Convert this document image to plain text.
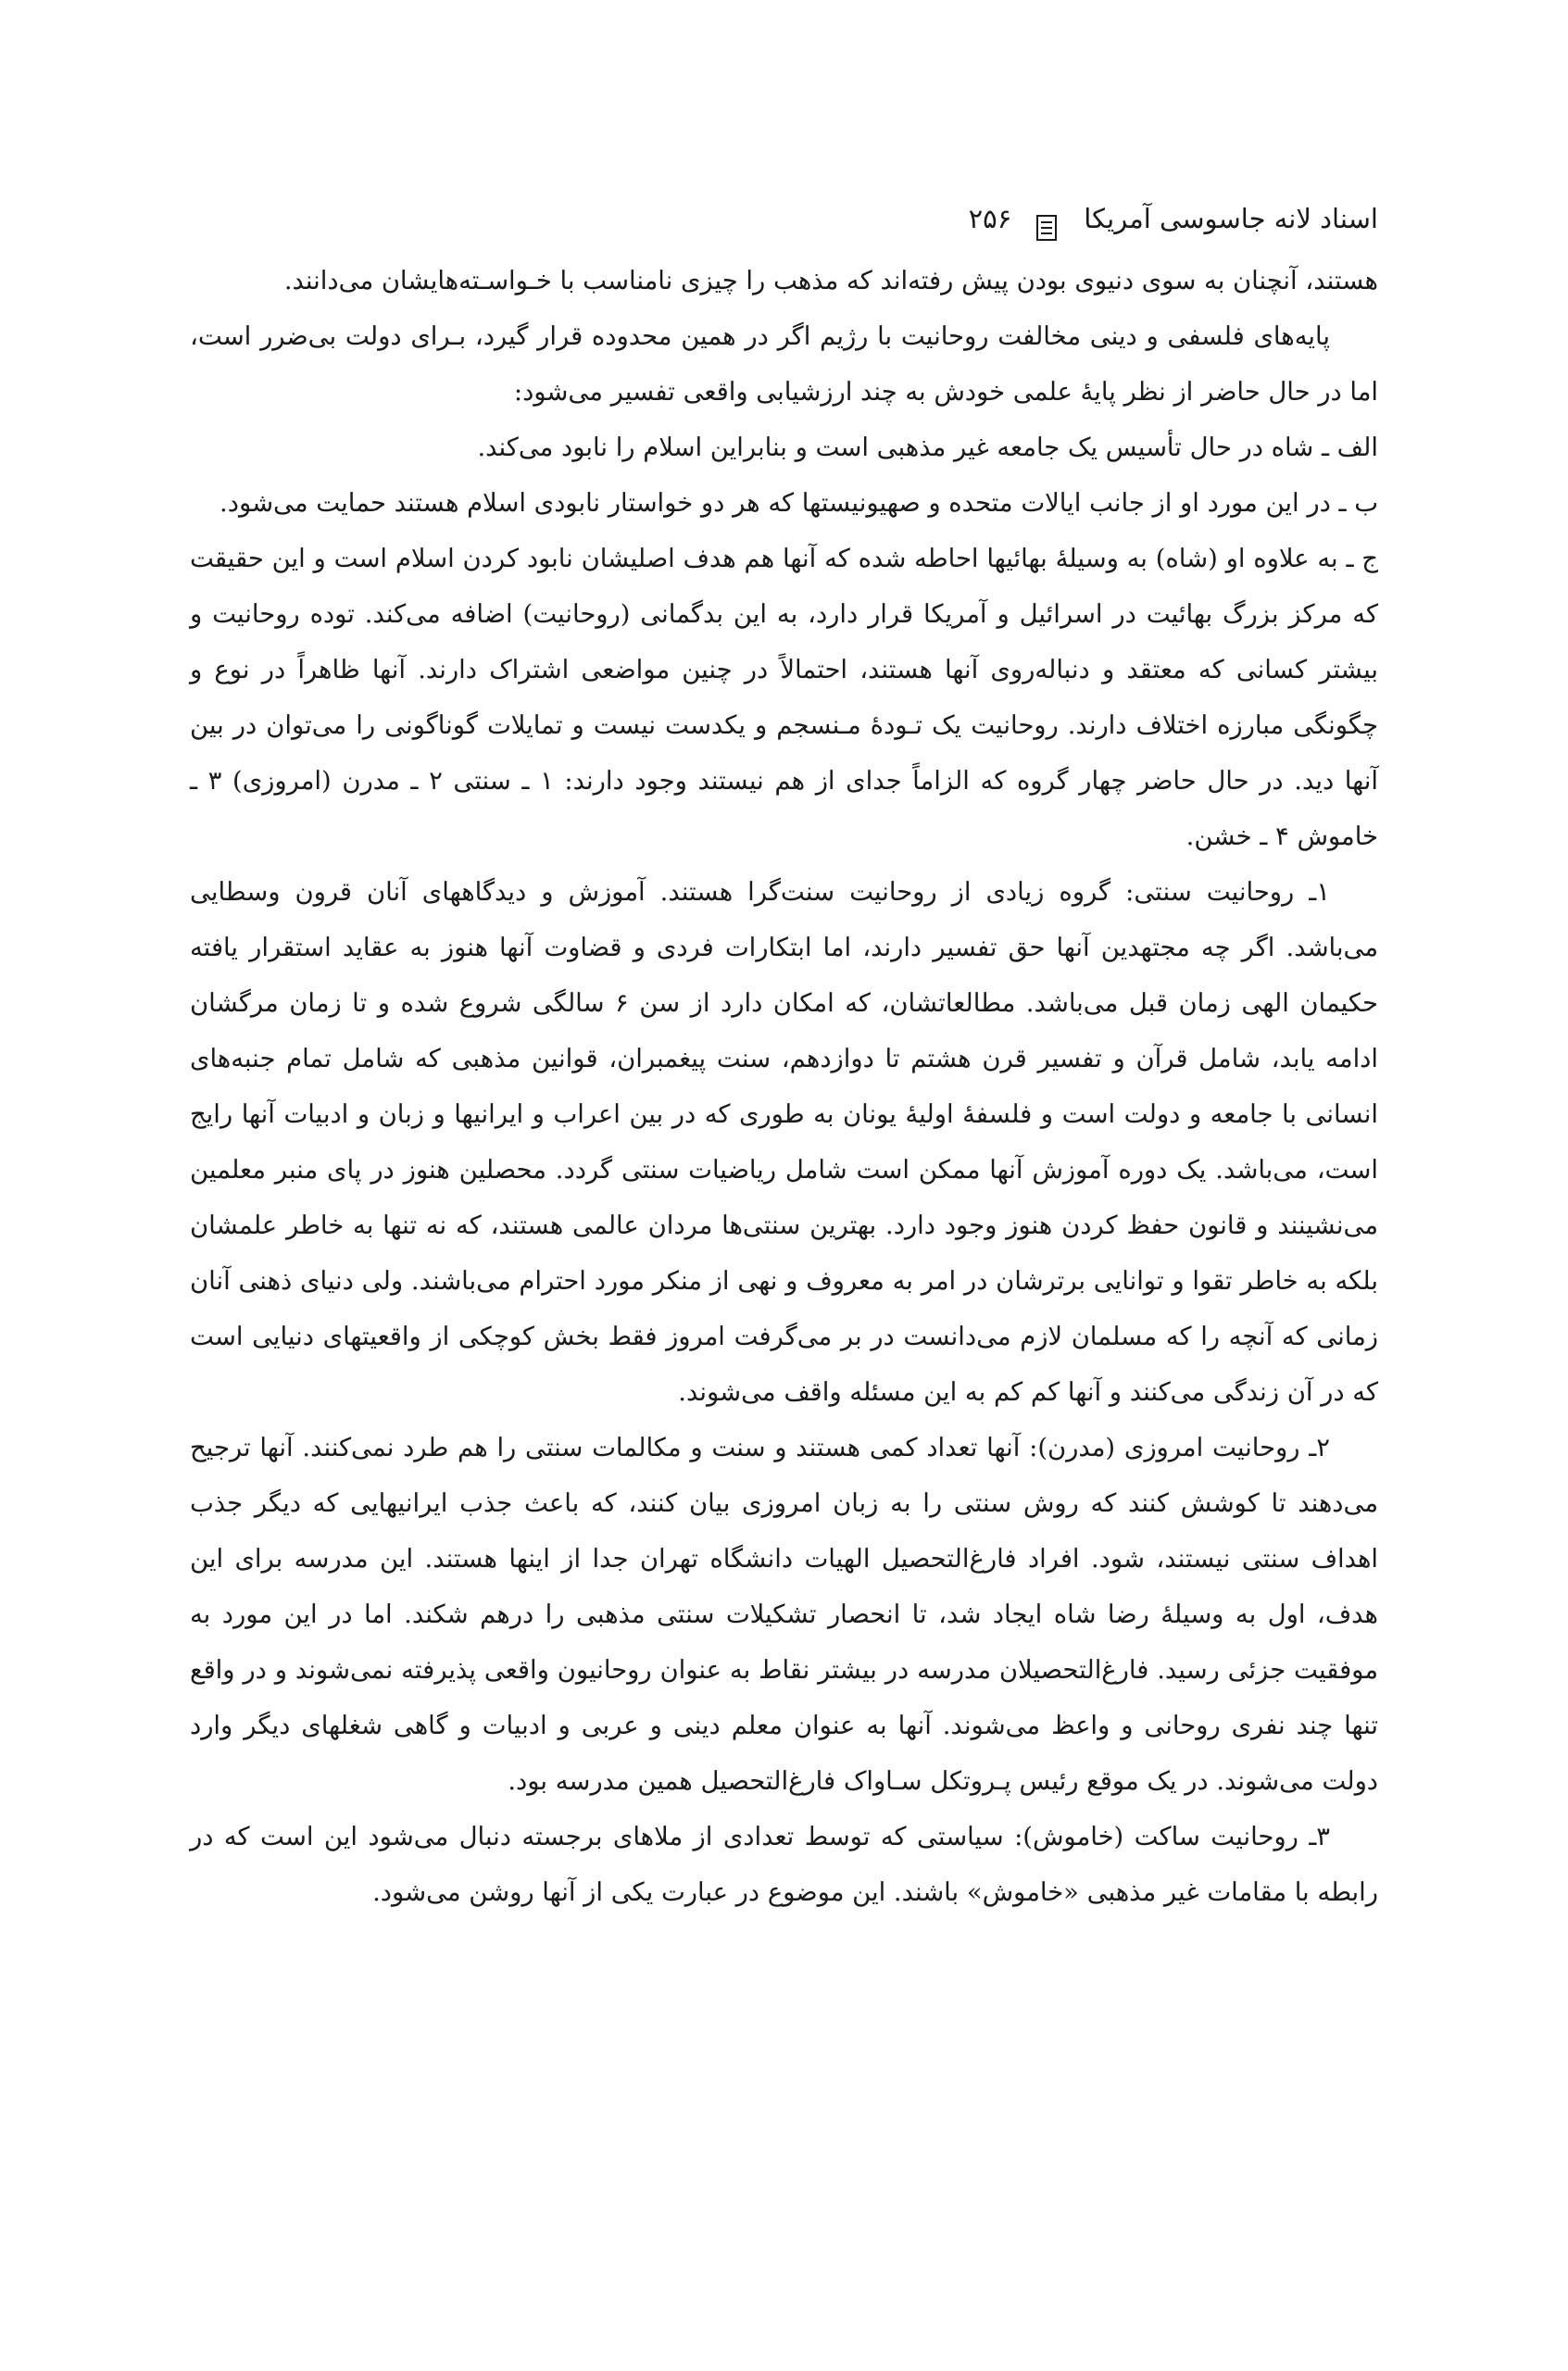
اسناد لانه جاسوسی آمریکا
۲۵۶

هستند، آنچنان به سوی دنیوی بودن پیش رفته‌اند که مذهب را چیزی نامناسب با خـواسـته‌هایشان می‌دانند.

پایه‌های فلسفی و دینی مخالفت روحانیت با رژیم اگر در همین محدوده قرار گیرد، بـرای دولت بی‌ضرر است، اما در حال حاضر از نظر پایهٔ علمی خودش به چند ارزشیابی واقعی تفسیر می‌شود:

الف ـ شاه در حال تأسیس یک جامعه غیر مذهبی است و بنابراین اسلام را نابود می‌کند.

ب ـ در این مورد او از جانب ایالات متحده و صهیونیستها که هر دو خواستار نابودی اسلام هستند حمایت می‌شود.

ج ـ به علاوه او (شاه) به وسیلهٔ بهائیها احاطه شده که آنها هم هدف اصلیشان نابود کردن اسلام است و این حقیقت که مرکز بزرگ بهائیت در اسرائیل و آمریکا قرار دارد، به این بدگمانی (روحانیت) اضافه می‌کند. توده روحانیت و بیشتر کسانی که معتقد و دنباله‌روی آنها هستند، احتمالاً در چنین مواضعی اشتراک دارند. آنها ظاهراً در نوع و چگونگی مبارزه اختلاف دارند. روحانیت یک تـودهٔ مـنسجم و یکدست نیست و تمایلات گوناگونی را می‌توان در بین آنها دید. در حال حاضر چهار گروه که الزاماً جدای از هم نیستند وجود دارند: ۱ ـ سنتی ۲ ـ مدرن (امروزی) ۳ ـ خاموش ۴ ـ خشن.

۱ـ روحانیت سنتی: گروه زیادی از روحانیت سنت‌گرا هستند. آموزش و دیدگاههای آنان قرون وسطایی می‌باشد. اگر چه مجتهدین آنها حق تفسیر دارند، اما ابتکارات فردی و قضاوت آنها هنوز به عقاید استقرار یافته حکیمان الهی زمان قبل می‌باشد. مطالعاتشان، که امکان دارد از سن ۶ سالگی شروع شده و تا زمان مرگشان ادامه یابد، شامل قرآن و تفسیر قرن هشتم تا دوازدهم، سنت پیغمبران، قوانین مذهبی که شامل تمام جنبه‌های انسانی با جامعه و دولت است و فلسفهٔ اولیهٔ یونان به طوری که در بین اعراب و ایرانیها و زبان و ادبیات آنها رایج است، می‌باشد. یک دوره آموزش آنها ممکن است شامل ریاضیات سنتی گردد. محصلین هنوز در پای منبر معلمین می‌نشینند و قانون حفظ کردن هنوز وجود دارد. بهترین سنتی‌ها مردان عالمی هستند، که نه تنها به خاطر علمشان بلکه به خاطر تقوا و توانایی برترشان در امر به معروف و نهی از منکر مورد احترام می‌باشند. ولی دنیای ذهنی آنان زمانی که آنچه را که مسلمان لازم می‌دانست در بر می‌گرفت امروز فقط بخش کوچکی از واقعیتهای دنیایی است که در آن زندگی می‌کنند و آنها کم کم به این مسئله واقف می‌شوند.

۲ـ روحانیت امروزی (مدرن): آنها تعداد کمی هستند و سنت و مکالمات سنتی را هم طرد نمی‌کنند. آنها ترجیح می‌دهند تا کوشش کنند که روش سنتی را به زبان امروزی بیان کنند، که باعث جذب ایرانیهایی که دیگر جذب اهداف سنتی نیستند، شود. افراد فارغ‌التحصیل الهیات دانشگاه تهران جدا از اینها هستند. این مدرسه برای این هدف، اول به وسیلهٔ رضا شاه ایجاد شد، تا انحصار تشکیلات سنتی مذهبی را درهم شکند. اما در این مورد به موفقیت جزئی رسید. فارغ‌التحصیلان مدرسه در بیشتر نقاط به عنوان روحانیون واقعی پذیرفته نمی‌شوند و در واقع تنها چند نفری روحانی و واعظ می‌شوند. آنها به عنوان معلم دینی و عربی و ادبیات و گاهی شغلهای دیگر وارد دولت می‌شوند. در یک موقع رئیس پـروتکل سـاواک فارغ‌التحصیل همین مدرسه بود.

۳ـ روحانیت ساکت (خاموش): سیاستی که توسط تعدادی از ملاهای برجسته دنبال می‌شود این است که در رابطه با مقامات غیر مذهبی «خاموش» باشند. این موضوع در عبارت یکی از آنها روشن می‌شود.
